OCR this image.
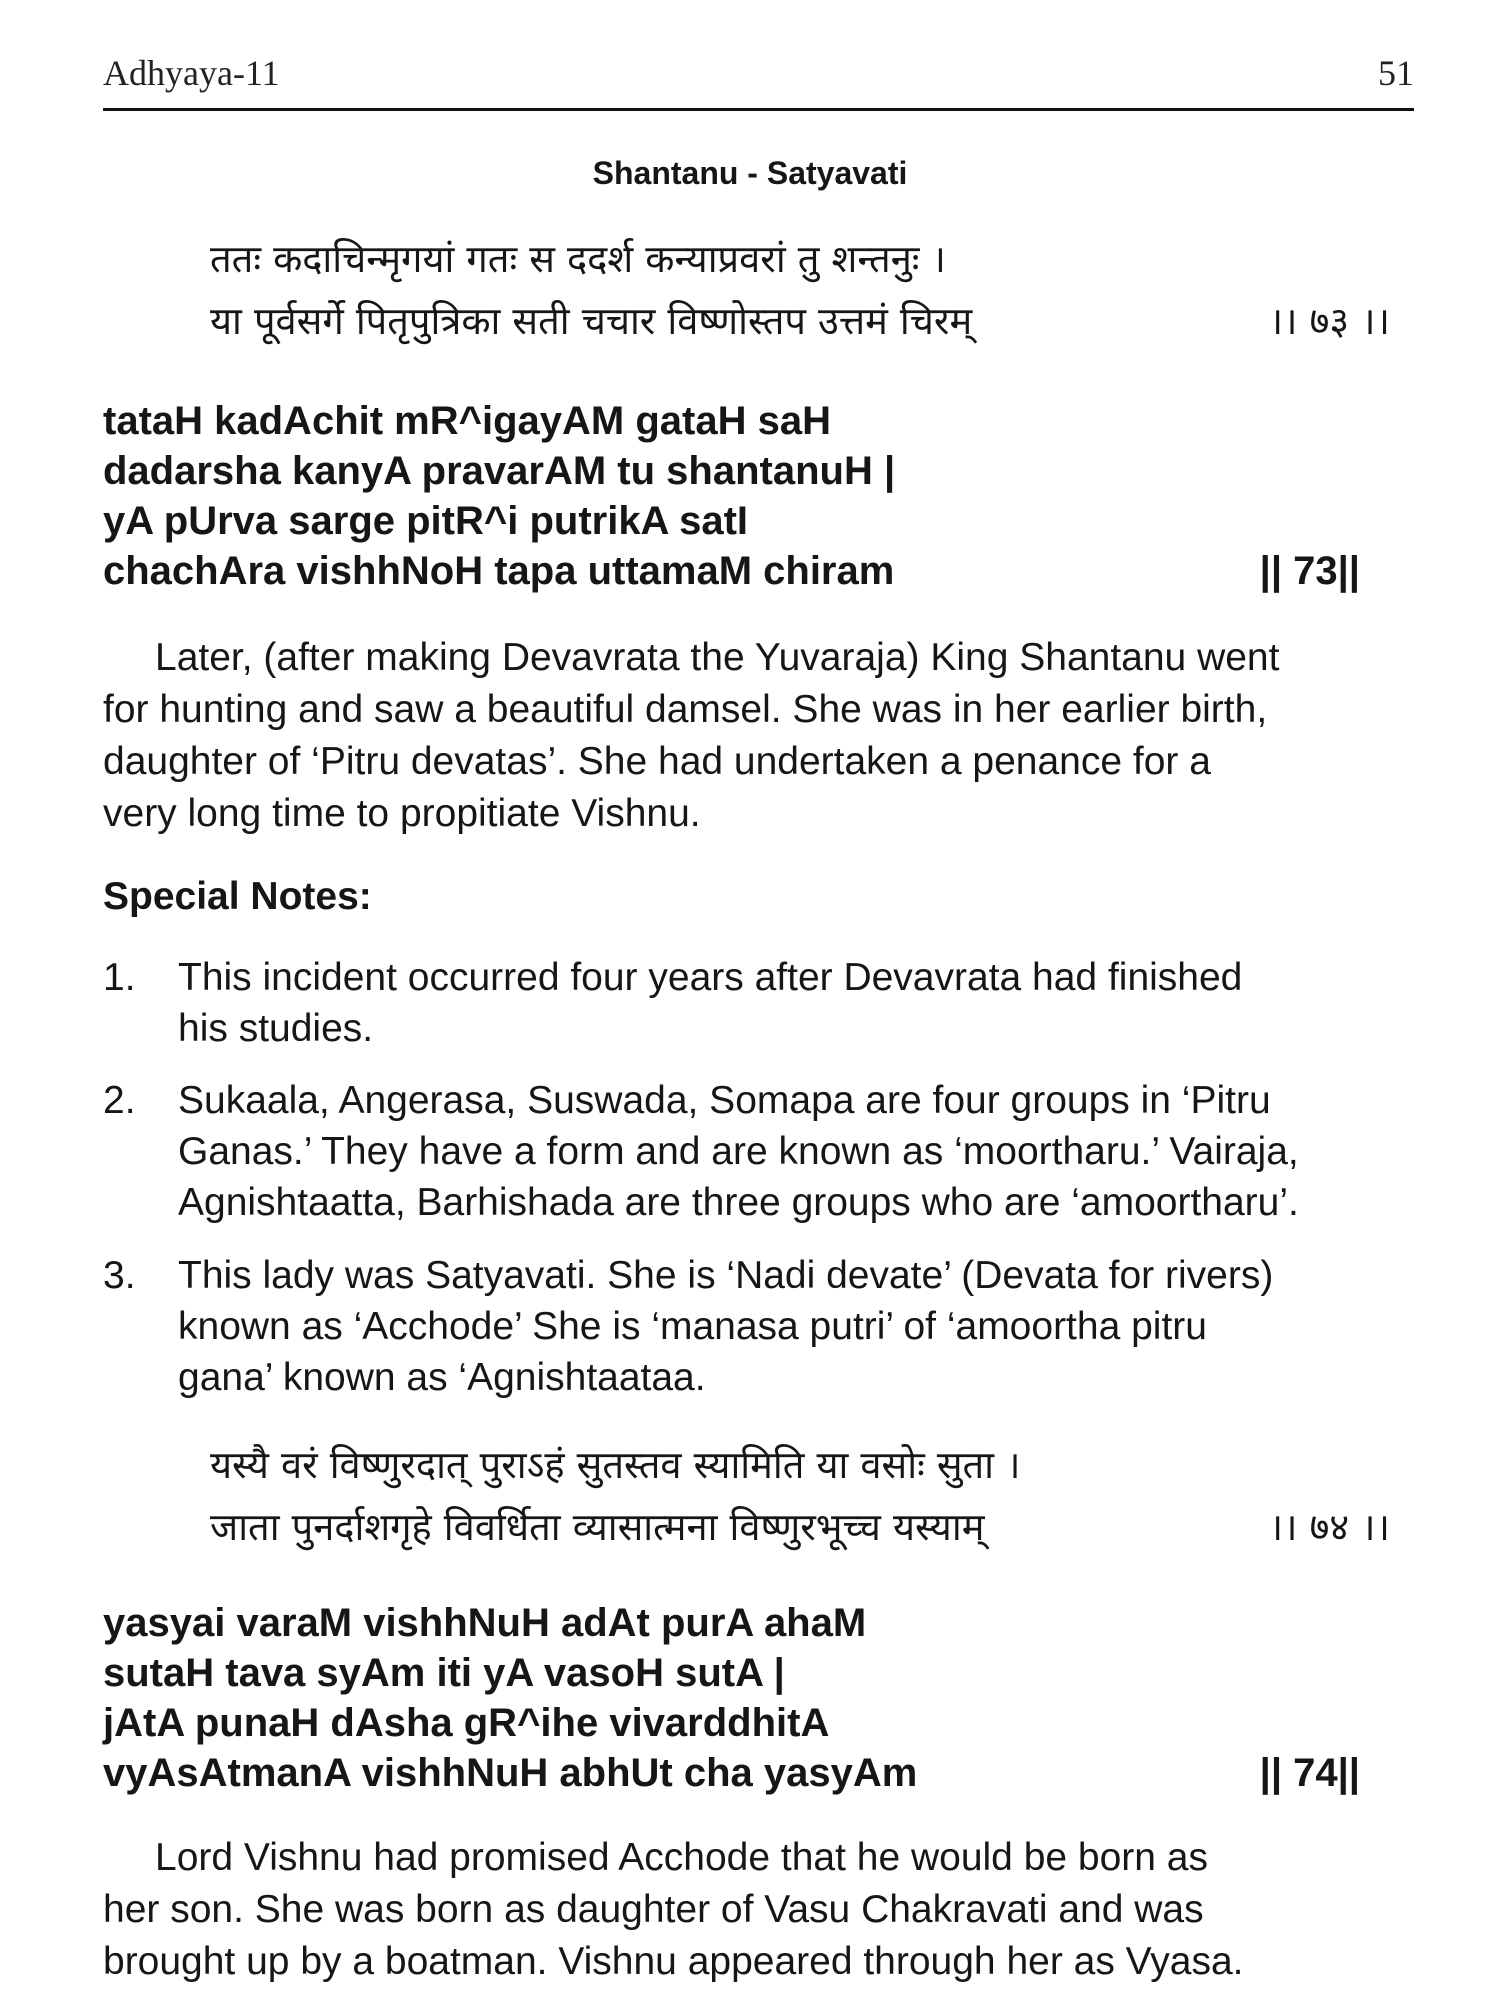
Adhyaya-11	51
Shantanu - Satyavati
ततः कदाचिन्मृगयां गतः स ददर्श कन्याप्रवरां तु शन्तनुः ।
या पूर्वसर्गे पितृपुत्रिका सती चचार विष्णोस्तप उत्तमं चिरम्	।। ७३ ।।
tataH kadAchit mR^igayAM gataH saH
dadarsha kanyA pravarAM tu shantanuH |
yA pUrva sarge pitR^i putrikA satI
chachAra vishhNoH tapa uttamaM chiram	|| 73||
Later, (after making Devavrata the Yuvaraja) King Shantanu went
for hunting and saw a beautiful damsel. She was in her earlier birth,
daughter of ‘Pitru devatas’. She had undertaken a penance for a
very long time to propitiate Vishnu.
Special Notes:
1. This incident occurred four years after Devavrata had finished
his studies.
2. Sukaala, Angerasa, Suswada, Somapa are four groups in ‘Pitru
Ganas.’ They have a form and are known as ‘moortharu.’ Vairaja,
Agnishtaatta, Barhishada are three groups who are ‘amoortharu’.
3. This lady was Satyavati. She is ‘Nadi devate’ (Devata for rivers)
known as ‘Acchode’ She is ‘manasa putri’ of ‘amoortha pitru
gana’ known as ‘Agnishtaataa.
यस्यै वरं विष्णुरदात् पुराऽहं सुतस्तव स्यामिति या वसोः सुता ।
जाता पुनर्दाशगृहे विवर्धिता व्यासात्मना विष्णुरभूच्च यस्याम्	।। ७४ ।।
yasyai varaM vishhNuH adAt purA ahaM
sutaH tava syAm iti yA vasoH sutA |
jAtA punaH dAsha gR^ihe vivarddhitA
vyAsAtmanA vishhNuH abhUt cha yasyAm	|| 74||
Lord Vishnu had promised Acchode that he would be born as
her son. She was born as daughter of Vasu Chakravati and was
brought up by a boatman. Vishnu appeared through her as Vyasa.
